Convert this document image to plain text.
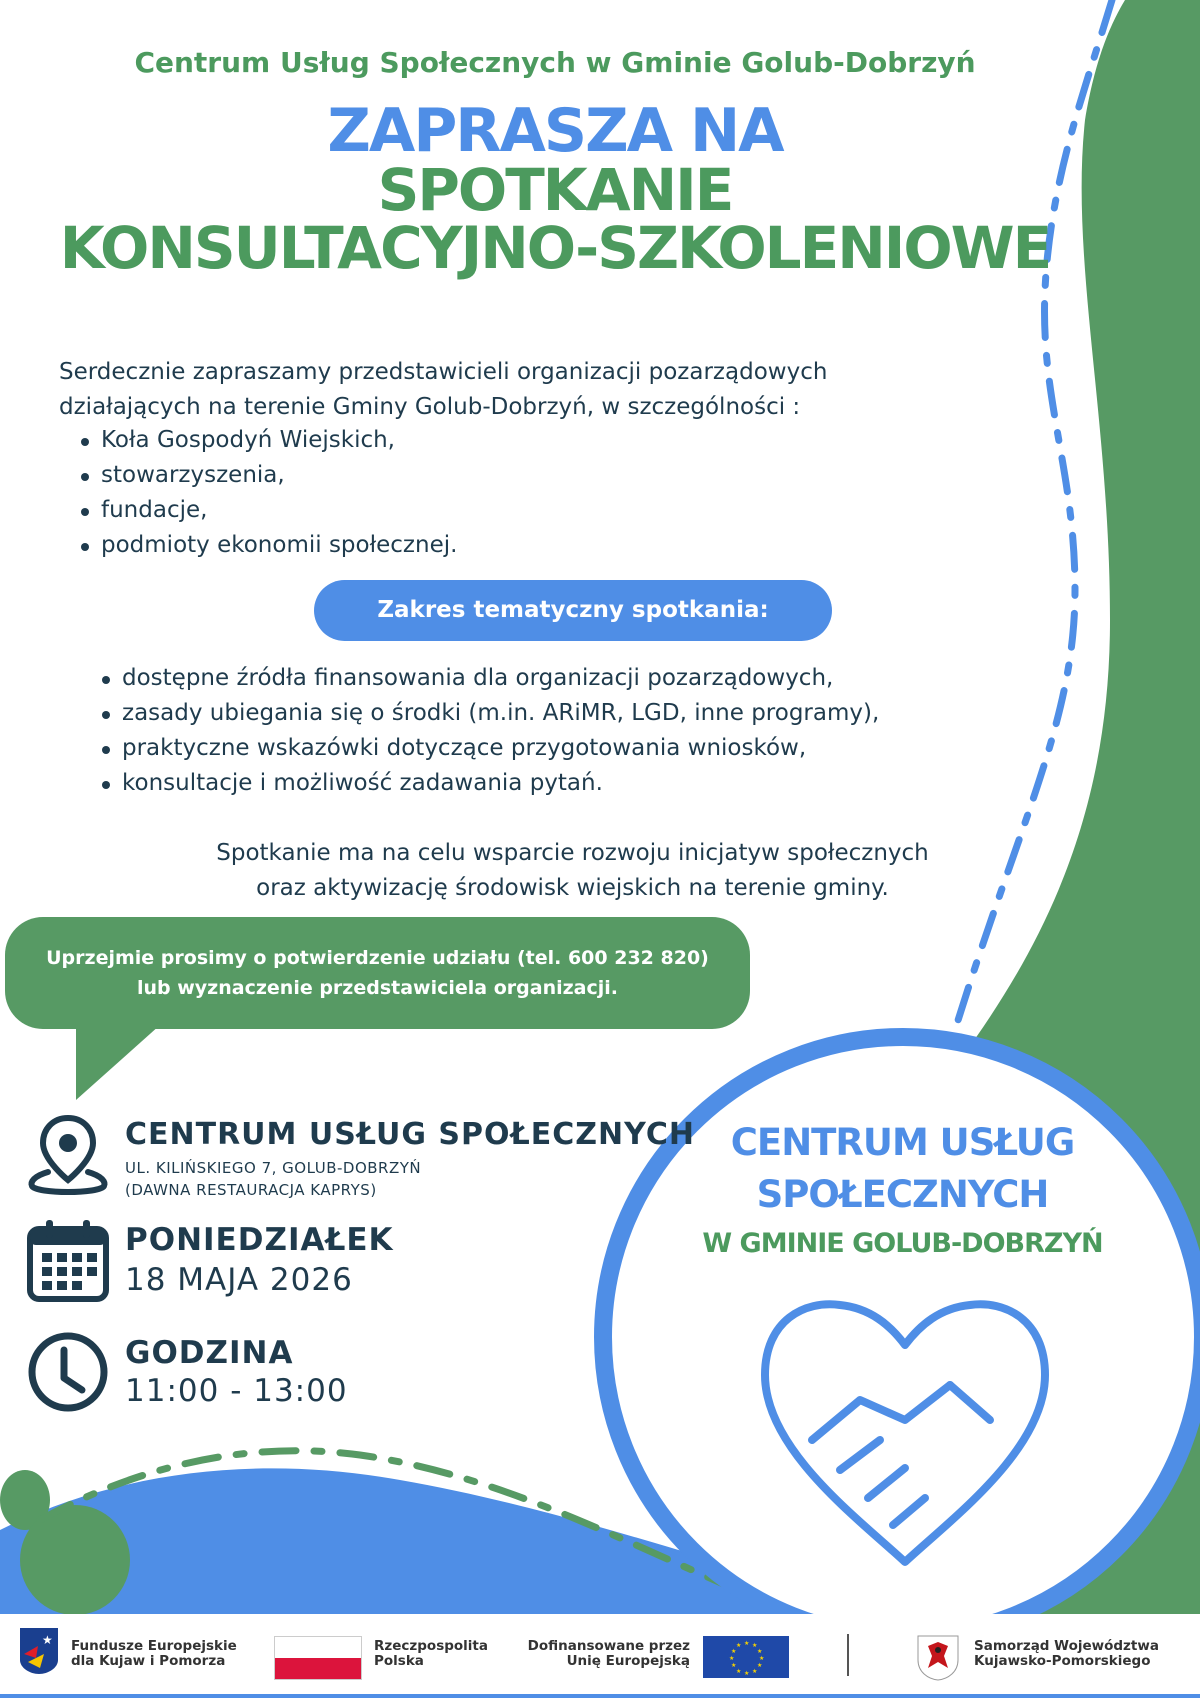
Centrum Usług Społecznych w Gminie Golub-Dobrzyń
ZAPRASZA NA
SPOTKANIE
KONSULTACYJNO-SZKOLENIOWE
Serdecznie zapraszamy przedstawicieli organizacji pozarządowych działających na terenie Gminy Golub-Dobrzyń, w szczególności :
Koła Gospodyń Wiejskich,
stowarzyszenia,
fundacje,
podmioty ekonomii społecznej.
Zakres tematyczny spotkania:
dostępne źródła finansowania dla organizacji pozarządowych,
zasady ubiegania się o środki (m.in. ARiMR, LGD, inne programy),
praktyczne wskazówki dotyczące przygotowania wniosków,
konsultacje i możliwość zadawania pytań.
Spotkanie ma na celu wsparcie rozwoju inicjatyw społecznych
oraz aktywizację środowisk wiejskich na terenie gminy.
Uprzejmie prosimy o potwierdzenie udziału (tel. 600 232 820)
lub wyznaczenie przedstawiciela organizacji.
CENTRUM USŁUG SPOŁECZNYCH
UL. KILIŃSKIEGO 7, GOLUB-DOBRZYŃ
(DAWNA RESTAURACJA KAPRYS)
PONIEDZIAŁEK
18 MAJA 2026
GODZINA
11:00 - 13:00
CENTRUM USŁUG
SPOŁECZNYCH
W GMINIE GOLUB-DOBRZYŃ
★ Fundusze Europejskie
dla Kujaw i Pomorza
Rzeczpospolita
Polska
Dofinansowane przez
Unię Europejską
★ ★
★
★
★
★
★
★
★
★
★
★	Samorząd Województwa
Kujawsko-Pomorskiego
